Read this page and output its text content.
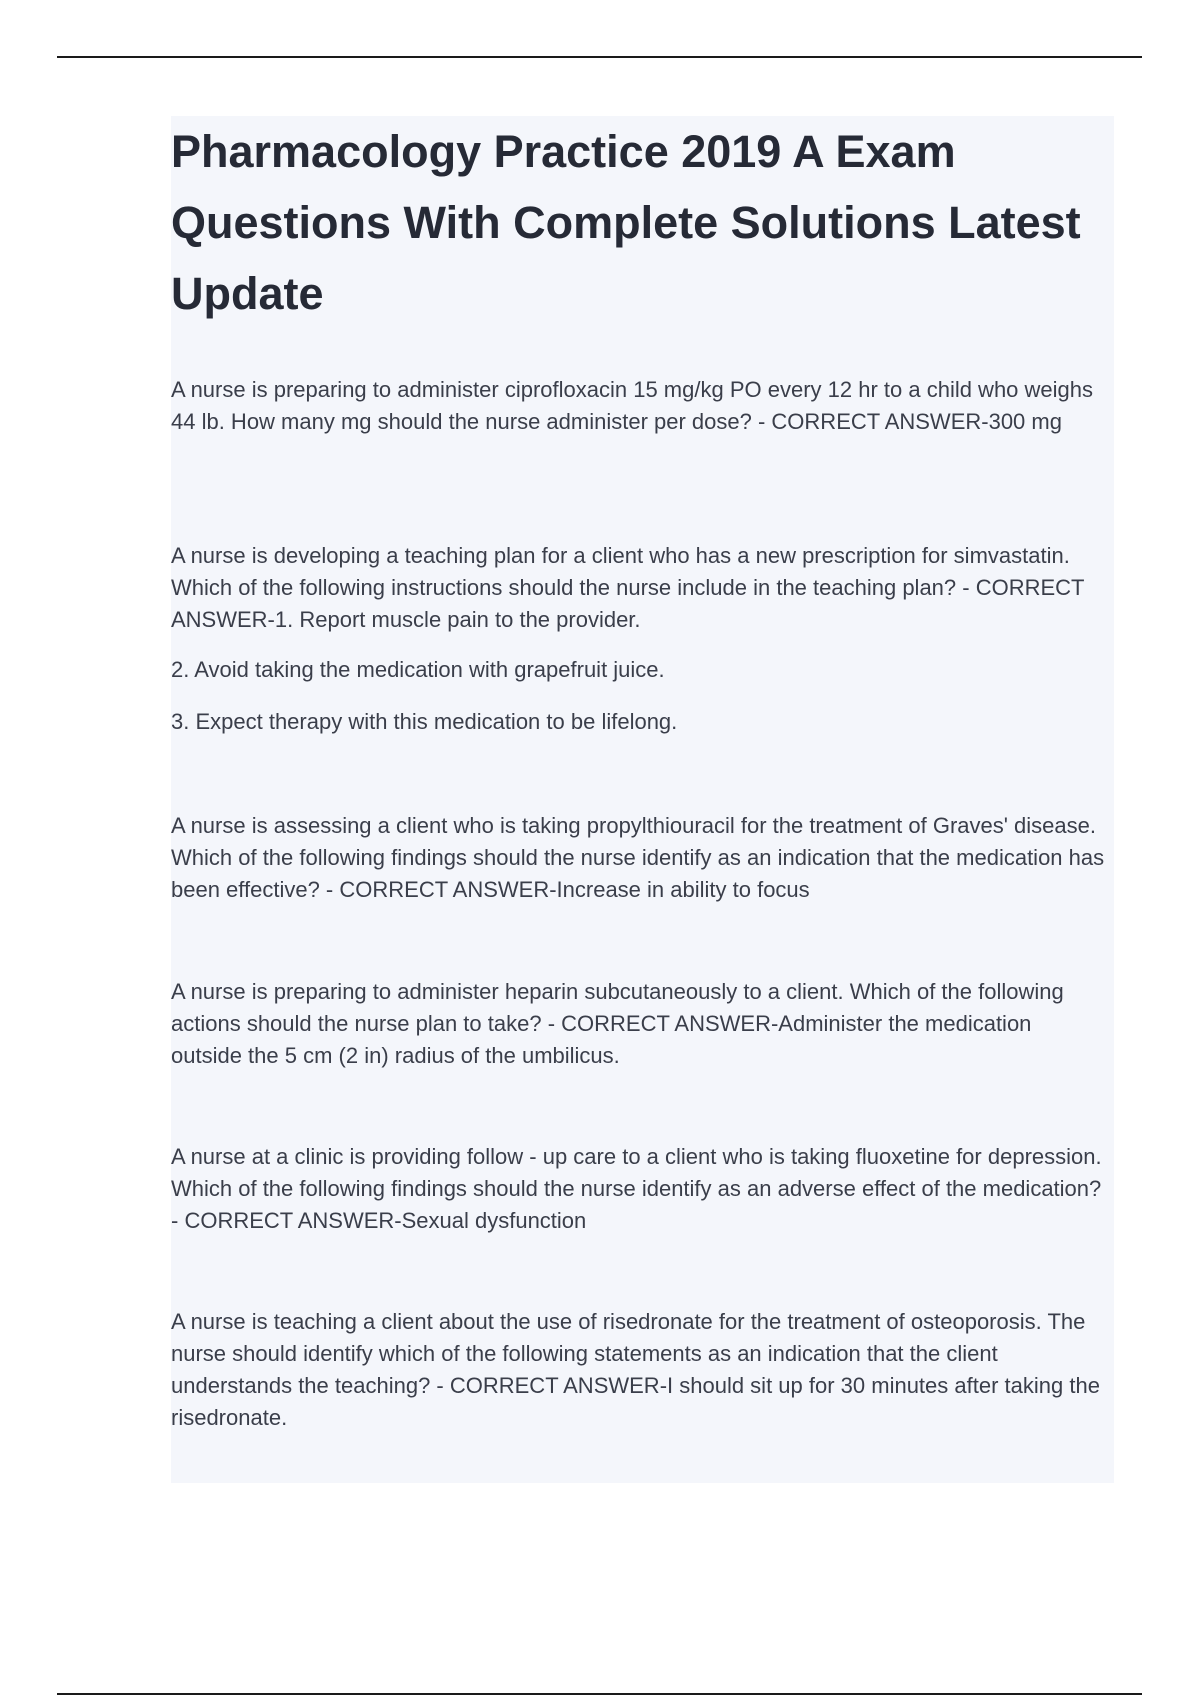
Pharmacology Practice 2019 A Exam Questions With Complete Solutions Latest Update

A nurse is preparing to administer ciprofloxacin 15 mg/kg PO every 12 hr to a child who weighs 44 lb. How many mg should the nurse administer per dose? - CORRECT ANSWER-300 mg

A nurse is developing a teaching plan for a client who has a new prescription for simvastatin. Which of the following instructions should the nurse include in the teaching plan? - CORRECT ANSWER-1. Report muscle pain to the provider.

2. Avoid taking the medication with grapefruit juice.

3. Expect therapy with this medication to be lifelong.

A nurse is assessing a client who is taking propylthiouracil for the treatment of Graves' disease. Which of the following findings should the nurse identify as an indication that the medication has been effective? - CORRECT ANSWER-Increase in ability to focus

A nurse is preparing to administer heparin subcutaneously to a client. Which of the following actions should the nurse plan to take? - CORRECT ANSWER-Administer the medication outside the 5 cm (2 in) radius of the umbilicus.

A nurse at a clinic is providing follow - up care to a client who is taking fluoxetine for depression. Which of the following findings should the nurse identify as an adverse effect of the medication? - CORRECT ANSWER-Sexual dysfunction

A nurse is teaching a client about the use of risedronate for the treatment of osteoporosis. The nurse should identify which of the following statements as an indication that the client understands the teaching? - CORRECT ANSWER-I should sit up for 30 minutes after taking the risedronate.
